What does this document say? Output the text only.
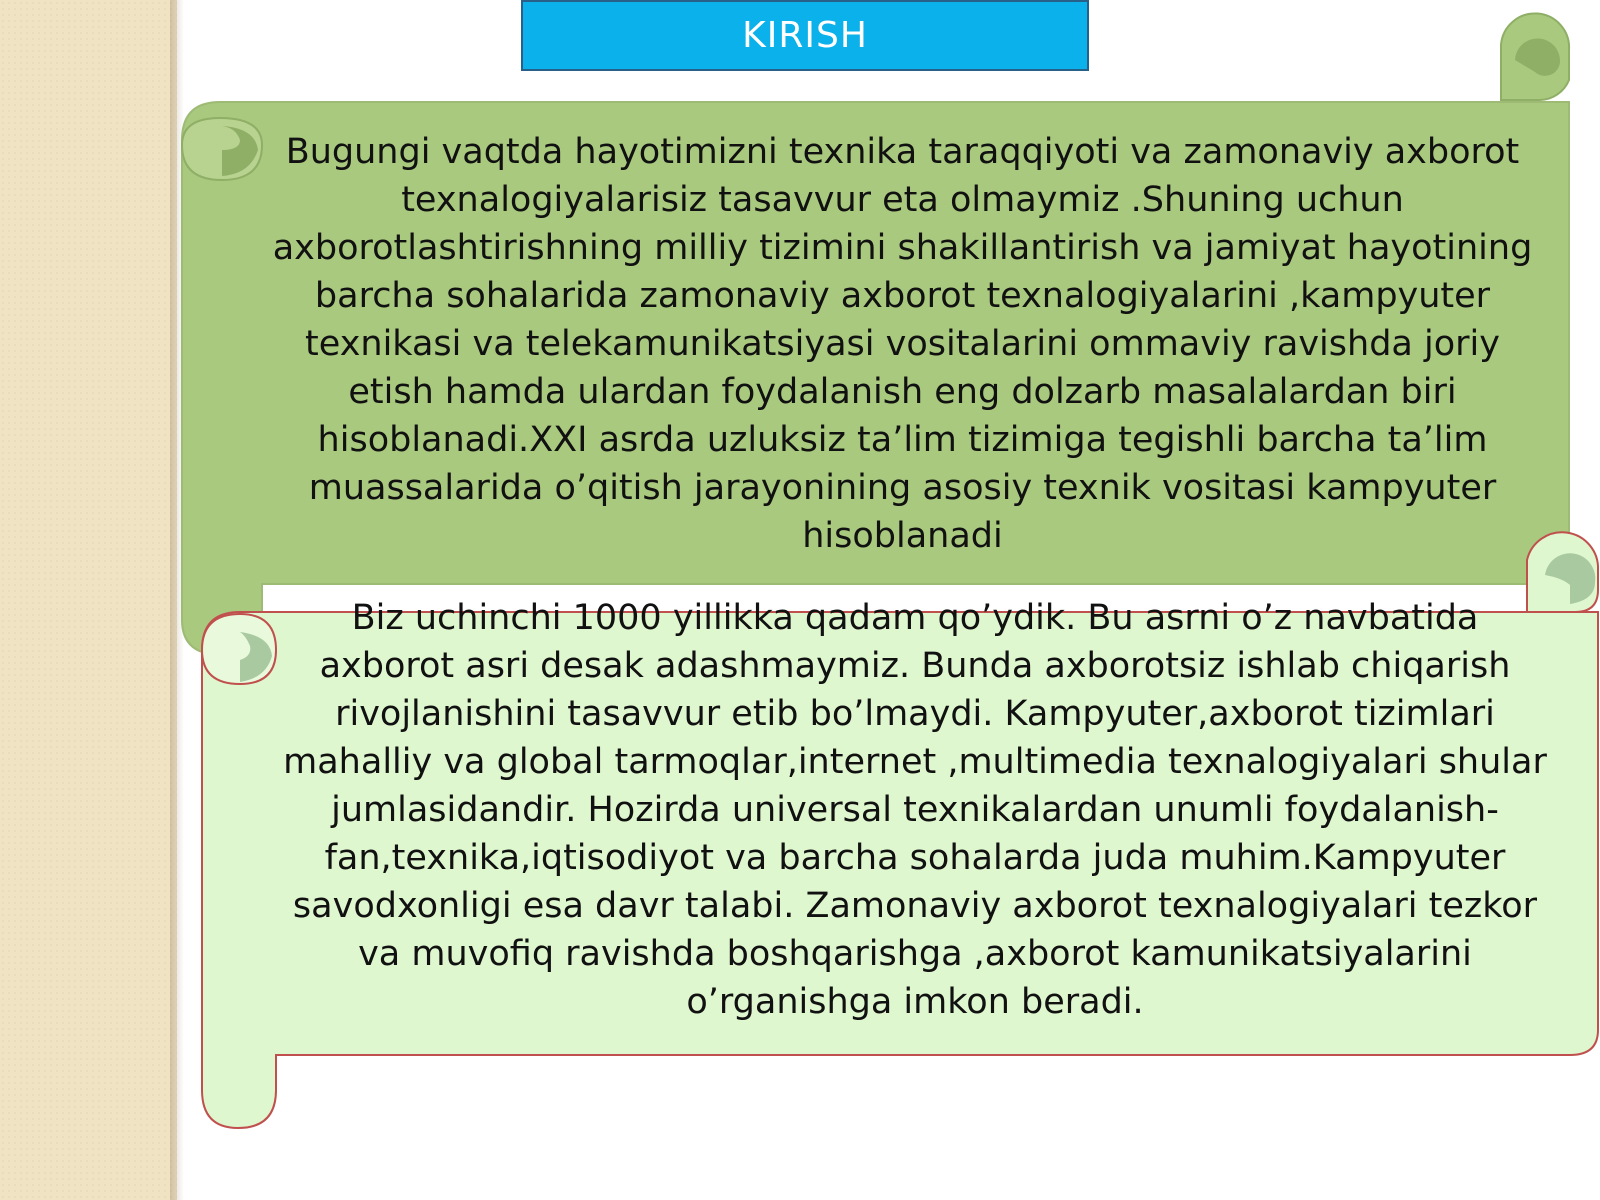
KIRISH
Bugungi vaqtda hayotimizni texnika taraqqiyoti va zamonaviy axborot texnalogiyalarisiz tasavvur eta olmaymiz .Shuning uchun axborotlashtirishning milliy tizimini shakillantirish va jamiyat hayotining barcha sohalarida zamonaviy axborot texnalogiyalarini ,kampyuter texnikasi va telekamunikatsiyasi vositalarini ommaviy ravishda joriy etish hamda ulardan foydalanish eng dolzarb masalalardan biri hisoblanadi.XXI asrda uzluksiz ta’lim tizimiga tegishli barcha ta’lim muassalarida o’qitish jarayonining asosiy texnik vositasi kampyuter hisoblanadi
Biz uchinchi 1000 yillikka qadam qo’ydik. Bu asrni o’z navbatida axborot asri desak adashmaymiz. Bunda axborotsiz ishlab chiqarish rivojlanishini tasavvur etib bo’lmaydi. Kampyuter,axborot tizimlari mahalliy va global tarmoqlar,internet ,multimedia texnalogiyalari shular jumlasidandir. Hozirda universal texnikalardan unumli foydalanish-fan,texnika,iqtisodiyot va barcha sohalarda juda muhim.Kampyuter savodxonligi esa davr talabi. Zamonaviy axborot texnalogiyalari tezkor va muvofiq ravishda boshqarishga ,axborot kamunikatsiyalarini o’rganishga imkon beradi.
